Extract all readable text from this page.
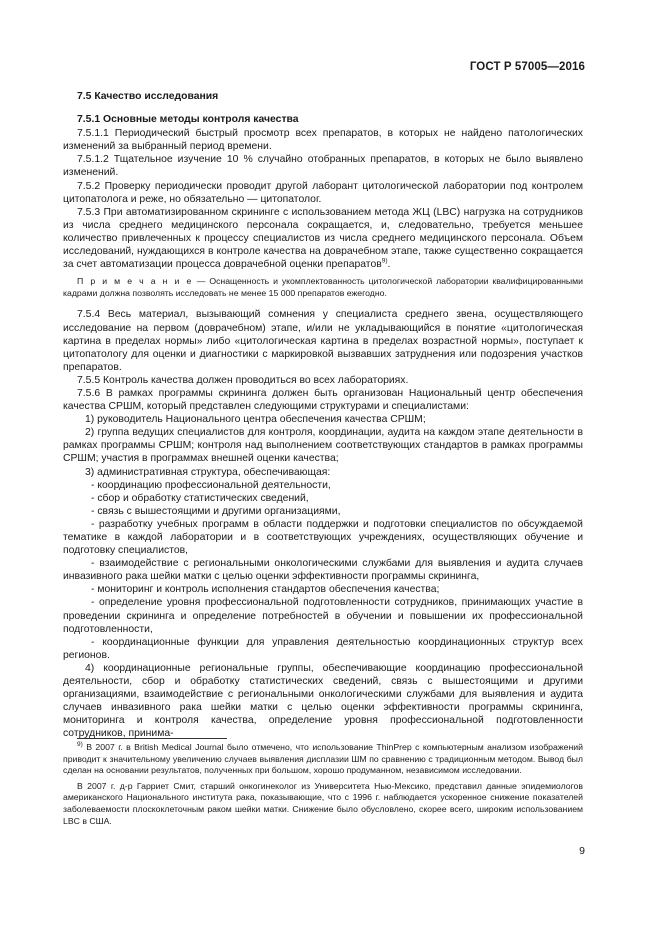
ГОСТ Р 57005—2016
7.5 Качество исследования
7.5.1 Основные методы контроля качества

7.5.1.1 Периодический быстрый просмотр всех препаратов, в которых не найдено патологических изменений за выбранный период времени.

7.5.1.2 Тщательное изучение 10 % случайно отобранных препаратов, в которых не было выявлено изменений.

7.5.2 Проверку периодически проводит другой лаборант цитологической лаборатории под контролем цитопатолога и реже, но обязательно — цитопатолог.

7.5.3 При автоматизированном скрининге с использованием метода ЖЦ (LBC) нагрузка на сотрудников из числа среднего медицинского персонала сокращается, и, следовательно, требуется меньшее количество привлеченных к процессу специалистов из числа среднего медицинского персонала. Объем исследований, нуждающихся в контроле качества на доврачебном этапе, также существенно сокращается за счет автоматизации процесса доврачебной оценки препаратов$^{9)}$.

П р и м е ч а н и е — Оснащенность и укомплектованность цитологической лаборатории квалифицированными кадрами должна позволять исследовать не менее 15 000 препаратов ежегодно.

7.5.4 Весь материал, вызывающий сомнения у специалиста среднего звена, осуществляющего исследование на первом (доврачебном) этапе, и/или не укладывающийся в понятие «цитологическая картина в пределах нормы» либо «цитологическая картина в пределах возрастной нормы», поступает к цитопатологу для оценки и диагностики с маркировкой вызвавших затруднения или подозрения участков препаратов.

7.5.5 Контроль качества должен проводиться во всех лабораториях.

7.5.6 В рамках программы скрининга должен быть организован Национальный центр обеспечения качества СРШМ, который представлен следующими структурами и специалистами:

1) руководитель Национального центра обеспечения качества СРШМ;

2) группа ведущих специалистов для контроля, координации, аудита на каждом этапе деятельности в рамках программы СРШМ; контроля над выполнением соответствующих стандартов в рамках программы СРШМ; участия в программах внешней оценки качества;

3) административная структура, обеспечивающая:

- координацию профессиональной деятельности,

- сбор и обработку статистических сведений,

- связь с вышестоящими и другими организациями,

- разработку учебных программ в области поддержки и подготовки специалистов по обсуждаемой тематике в каждой лаборатории и в соответствующих учреждениях, осуществляющих обучение и подготовку специалистов,

- взаимодействие с региональными онкологическими службами для выявления и аудита случаев инвазивного рака шейки матки с целью оценки эффективности программы скрининга,

- мониторинг и контроль исполнения стандартов обеспечения качества;

- определение уровня профессиональной подготовленности сотрудников, принимающих участие в проведении скрининга и определение потребностей в обучении и повышении их профессиональной подготовленности,

- координационные функции для управления деятельностью координационных структур всех регионов.

4) координационные региональные группы, обеспечивающие координацию профессиональной деятельности, сбор и обработку статистических сведений, связь с вышестоящими и другими организациями, взаимодействие с региональными онкологическими службами для выявления и аудита случаев инвазивного рака шейки матки с целью оценки эффективности программы скрининга, мониторинга и контроля качества, определение уровня профессиональной подготовленности сотрудников, принима-

$^{9)}$ В 2007 г. в British Medical Journal было отмечено, что использование ThinPrep с компьютерным анализом изображений приводит к значительному увеличению случаев выявления дисплазии ШМ по сравнению с традиционным методом. Вывод был сделан на основании результатов, полученных при большом, хорошо продуманном, независимом исследовании.

В 2007 г. д-р Гарриет Смит, старший онкогинеколог из Университета Нью-Мексико, представил данные эпидемиологов американского Национального института рака, показывающие, что с 1996 г. наблюдается ускоренное снижение показателей заболеваемости плоскоклеточным раком шейки матки. Снижение было обусловлено, скорее всего, широким использованием LBC в США.

9
